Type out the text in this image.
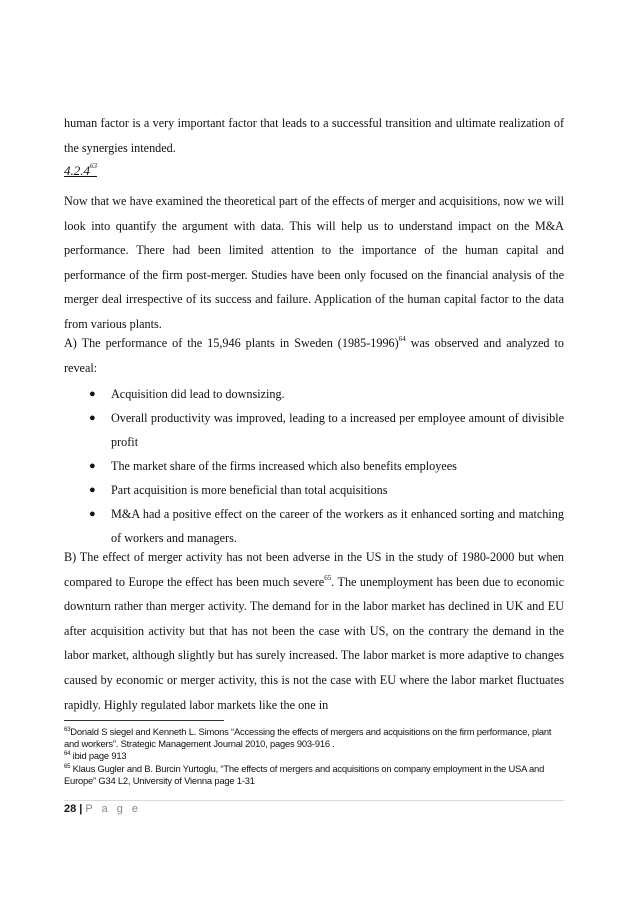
human factor is a very important factor that leads to a successful transition and ultimate realization of the synergies intended.

4.2.4$^{63}$

Now that we have examined the theoretical part of the effects of merger and acquisitions, now we will look into quantify the argument with data. This will help us to understand impact on the M&A performance. There had been limited attention to the importance of the human capital and performance of the firm post-merger. Studies have been only focused on the financial analysis of the merger deal irrespective of its success and failure. Application of the human capital factor to the data from various plants.

A) The performance of the 15,946 plants in Sweden (1985-1996)$^{64}$ was observed and analyzed to reveal:

● Acquisition did lead to downsizing.
● Overall productivity was improved, leading to a increased per employee amount of divisible profit
● The market share of the firms increased which also benefits employees
● Part acquisition is more beneficial than total acquisitions
● M&A had a positive effect on the career of the workers as it enhanced sorting and matching of workers and managers.

B) The effect of merger activity has not been adverse in the US in the study of 1980-2000 but when compared to Europe the effect has been much severe$^{65}$. The unemployment has been due to economic downturn rather than merger activity. The demand for in the labor market has declined in UK and EU after acquisition activity but that has not been the case with US, on the contrary the demand in the labor market, although slightly but has surely increased. The labor market is more adaptive to changes caused by economic or merger activity, this is not the case with EU where the labor market fluctuates rapidly. Highly regulated labor markets like the one in

$^{63}$Donald S siegel and Kenneth L. Simons “Accessing the effects of mergers and acquisitions on the firm performance, plant and workers”. Strategic Management Journal 2010, pages 903-916 .
$^{64}$ ibid page 913
$^{65}$ Klaus Gugler and B. Burcin Yurtoglu, “The effects of mergers and acquisitions on company employment in the USA and Europe” G34 L2, University of Vienna page 1-31
28 | P a g e
